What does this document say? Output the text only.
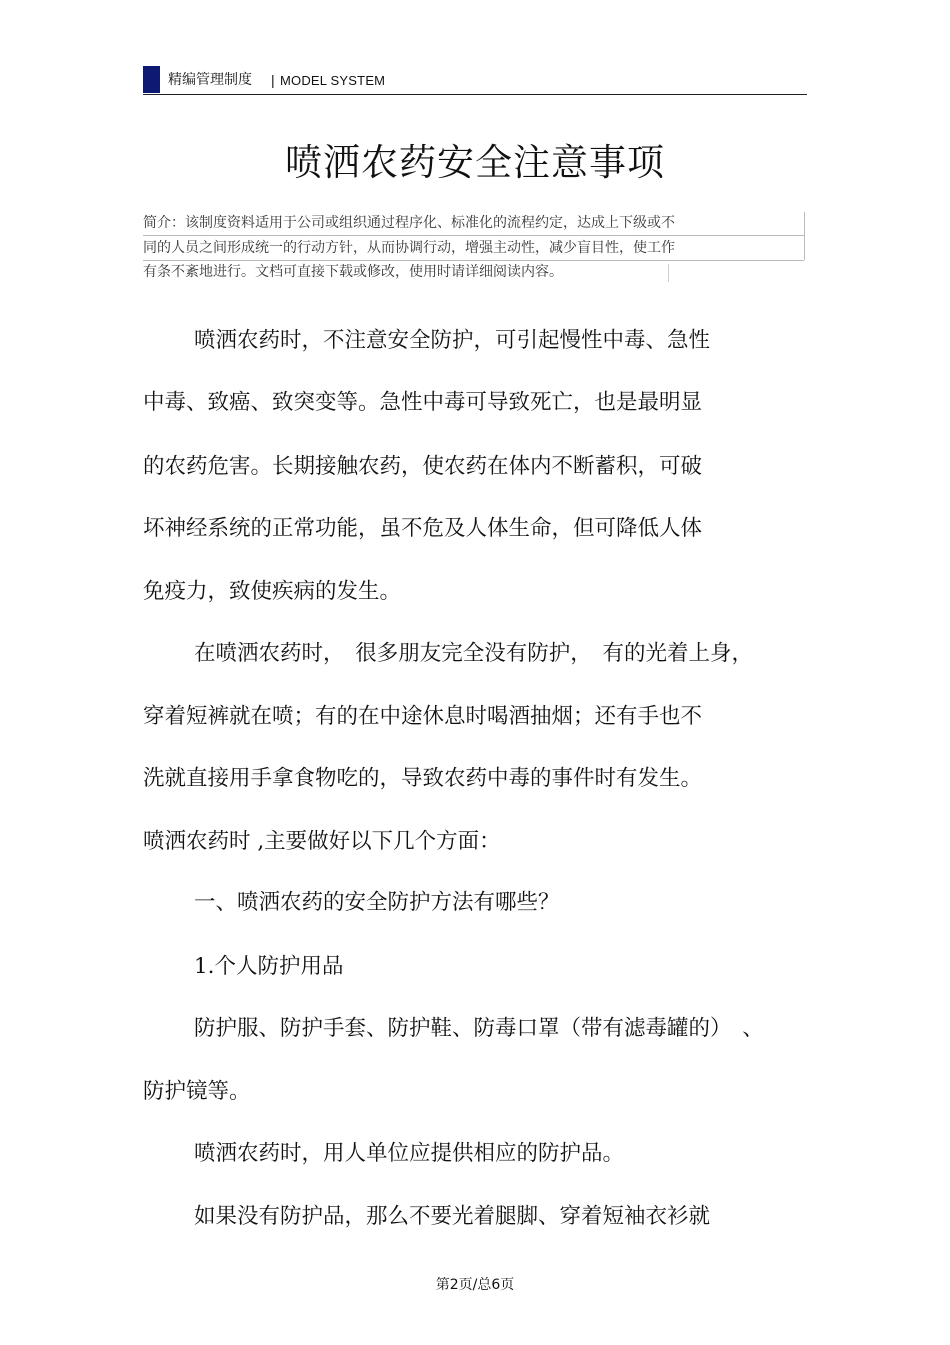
精编管理制度 | MODEL SYSTEM
喷洒农药安全注意事项
简介：该制度资料适用于公司或组织通过程序化、标准化的流程约定，达成上下级或不
同的人员之间形成统一的行动方针，从而协调行动，增强主动性，减少盲目性，使工作
有条不紊地进行。文档可直接下载或修改，使用时请详细阅读内容。
喷洒农药时，不注意安全防护，可引起慢性中毒、急性
中毒、致癌、致突变等。急性中毒可导致死亡，也是最明显
的农药危害。长期接触农药，使农药在体内不断蓄积，可破
坏神经系统的正常功能，虽不危及人体生命，但可降低人体
免疫力，致使疾病的发生。
在喷洒农药时，　很多朋友完全没有防护，　有的光着上身，
穿着短裤就在喷；有的在中途休息时喝酒抽烟；还有手也不
洗就直接用手拿食物吃的，导致农药中毒的事件时有发生。
喷洒农药时 ,主要做好以下几个方面：
一、喷洒农药的安全防护方法有哪些？
1.个人防护用品
防护服、防护手套、防护鞋、防毒口罩（带有滤毒罐的）　、
防护镜等。
喷洒农药时，用人单位应提供相应的防护品。
如果没有防护品，那么不要光着腿脚、穿着短袖衣衫就
第2页/总6页
